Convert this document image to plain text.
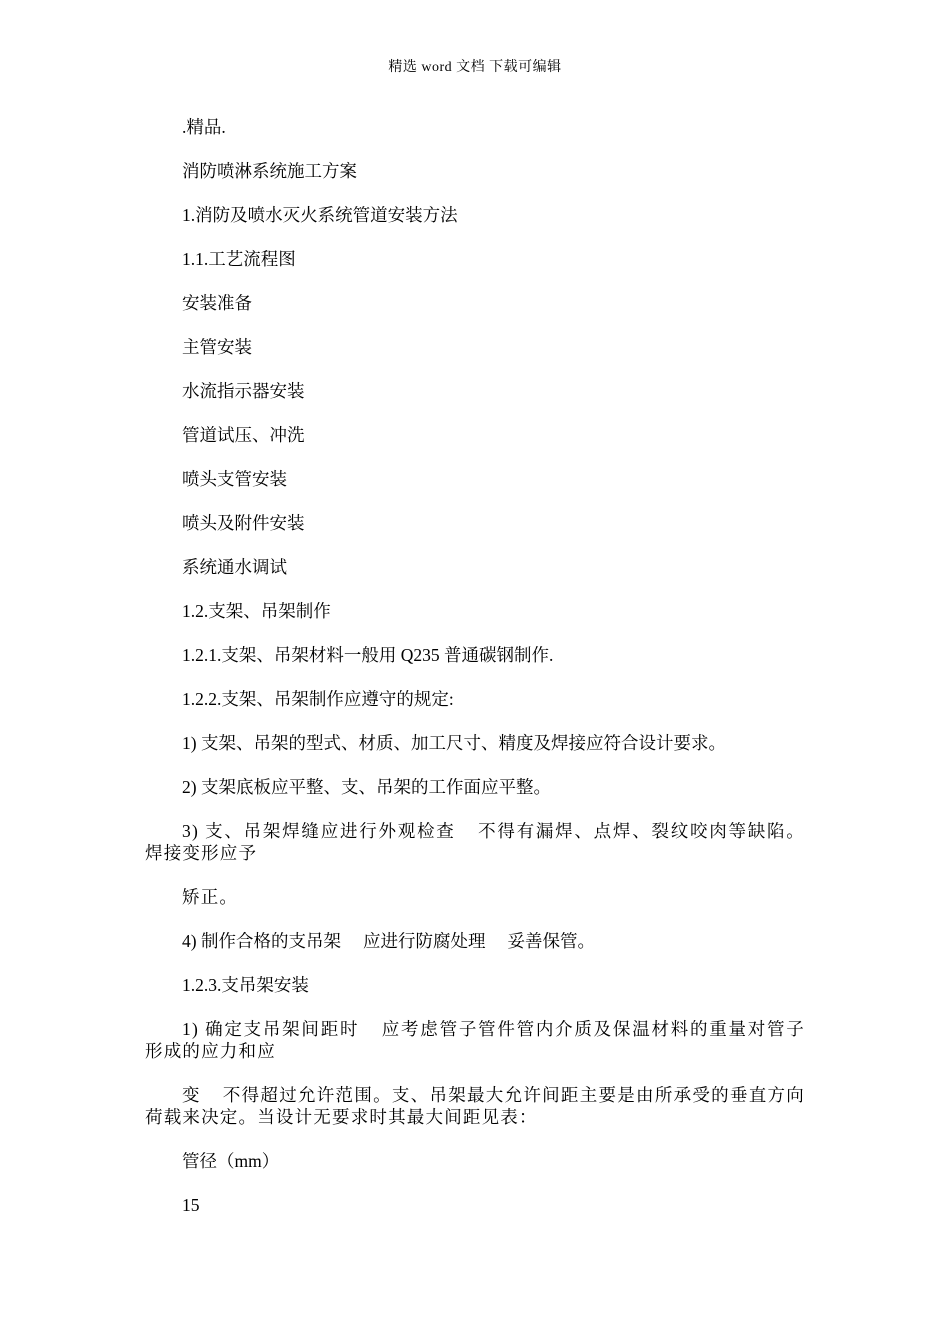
精选 word 文档 下载可编辑
.精品.
消防喷淋系统施工方案
1.消防及喷水灭火系统管道安装方法
1.1.工艺流程图
安装准备
主管安装
水流指示器安装
管道试压、冲洗
喷头支管安装
喷头及附件安装
系统通水调试
1.2.支架、吊架制作
1.2.1.支架、吊架材料一般用 Q235 普通碳钢制作.
1.2.2.支架、吊架制作应遵守的规定:
1) 支架、吊架的型式、材质、加工尺寸、精度及焊接应符合设计要求。
2) 支架底板应平整、支、吊架的工作面应平整。
3) 支、吊架焊缝应进行外观检查 不得有漏焊、点焊、裂纹咬肉等缺陷。焊接变形应予
矫正。
4) 制作合格的支吊架 应进行防腐处理 妥善保管。
1.2.3.支吊架安装
1) 确定支吊架间距时 应考虑管子管件管内介质及保温材料的重量对管子形成的应力和应
变 不得超过允许范围。支、吊架最大允许间距主要是由所承受的垂直方向荷载来决定。当设计无要求时其最大间距见表：
管径（mm）
15
